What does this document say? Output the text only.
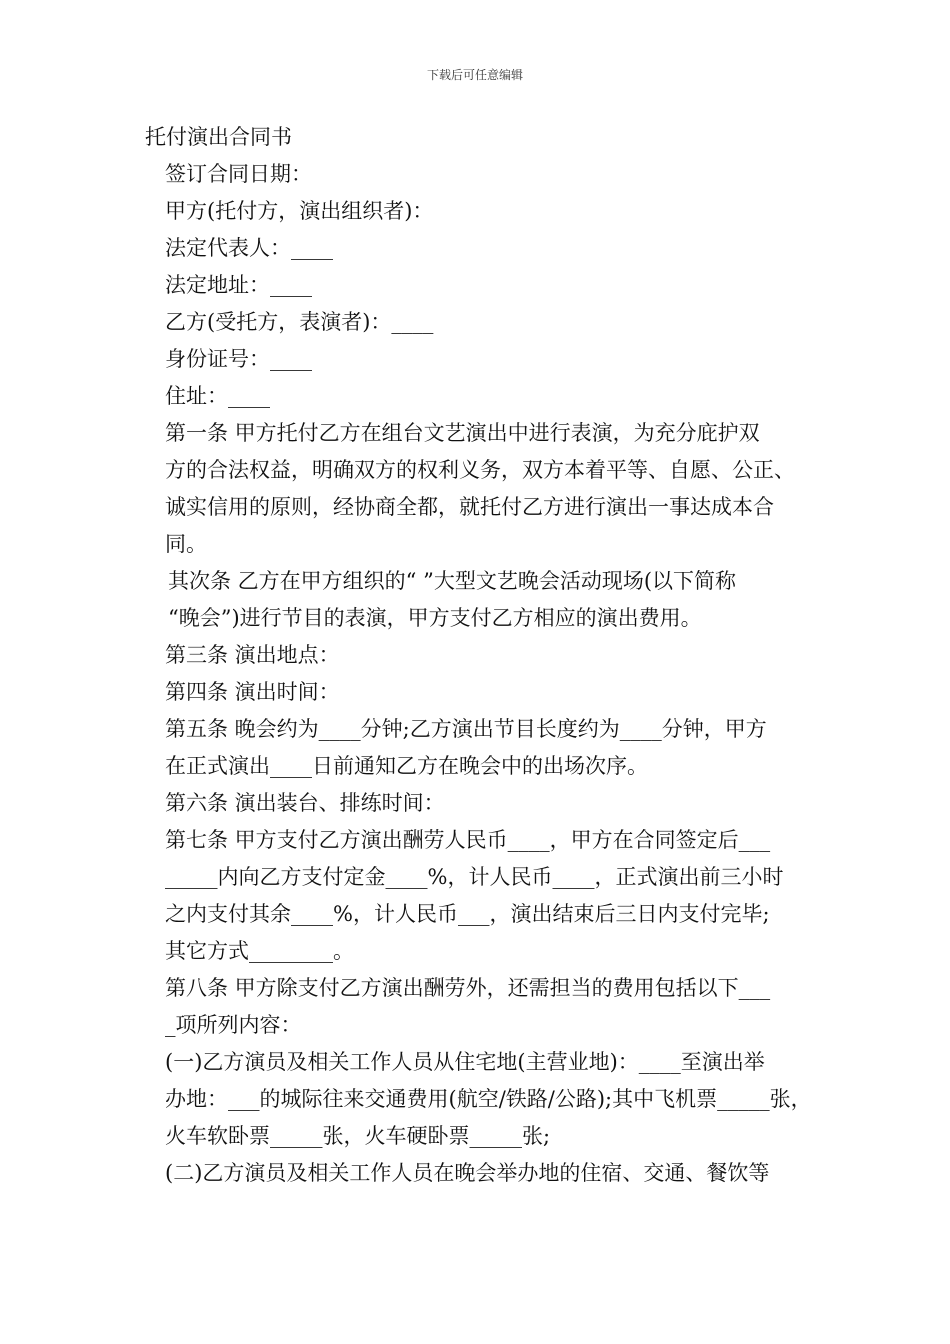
下载后可任意编辑
托付演出合同书

签订合同日期：

甲方(托付方，演出组织者)：

法定代表人：____

法定地址：____

乙方(受托方，表演者)：____

身份证号：____

住址：____

第一条 甲方托付乙方在组台文艺演出中进行表演，为充分庇护双
方的合法权益，明确双方的权利义务，双方本着平等、自愿、公正、
诚实信用的原则，经协商全都，就托付乙方进行演出一事达成本合
同。

其次条 乙方在甲方组织的“ ”大型文艺晚会活动现场(以下简称
“晚会”)进行节目的表演，甲方支付乙方相应的演出费用。

第三条 演出地点：

第四条 演出时间：

第五条 晚会约为____分钟;乙方演出节目长度约为____分钟，甲方
在正式演出____日前通知乙方在晚会中的出场次序。

第六条 演出装台、排练时间：

第七条 甲方支付乙方演出酬劳人民币____，甲方在合同签定后___
_____内向乙方支付定金____%，计人民币____，正式演出前三小时
之内支付其余____%，计人民币___，演出结束后三日内支付完毕;

其它方式________。

第八条 甲方除支付乙方演出酬劳外，还需担当的费用包括以下___
_项所列内容：

(一)乙方演员及相关工作人员从住宅地(主营业地)：____至演出举
办地：___的城际往来交通费用(航空/铁路/公路);其中飞机票_____张，
火车软卧票_____张，火车硬卧票_____张;

(二)乙方演员及相关工作人员在晚会举办地的住宿、交通、餐饮等
